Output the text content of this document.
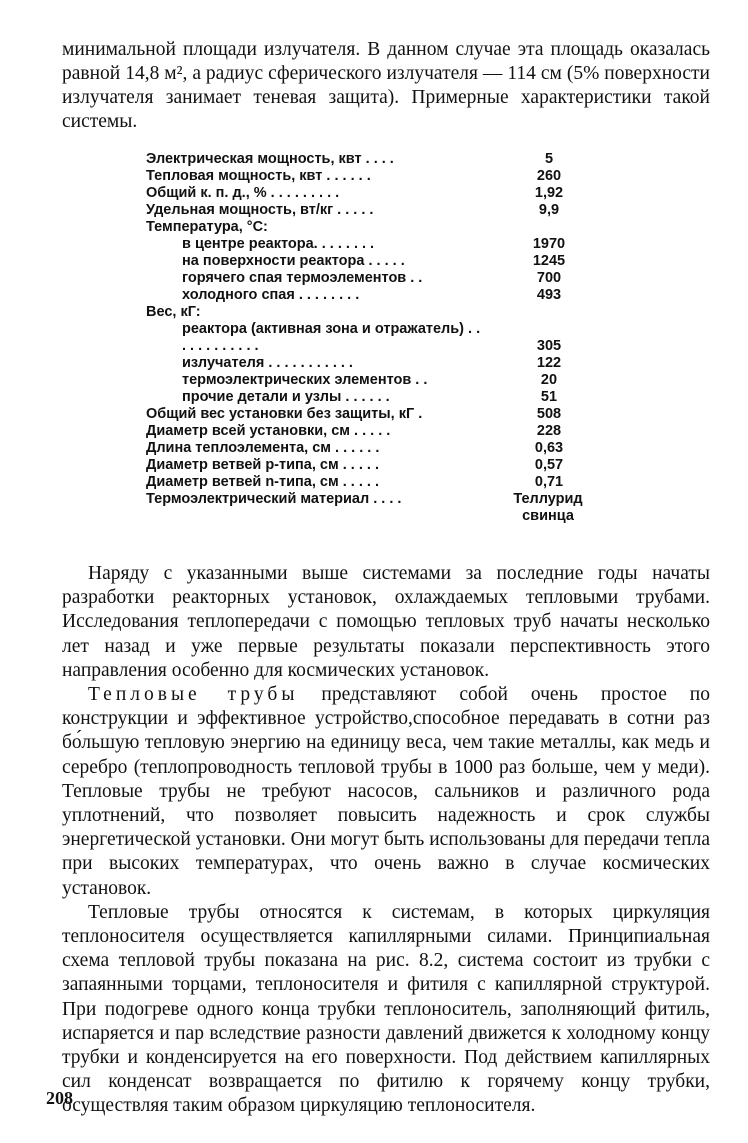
минимальной площади излучателя. В данном случае эта площадь оказалась равной 14,8 м², а радиус сферического излучателя — 114 см (5% поверхности излучателя занимает теневая защита). Примерные характеристики такой системы.

Электрическая мощность, квт . . . .	5
Тепловая мощность, квт . . . . . .	260
Общий к. п. д., % . . . . . . . . .	1,92
Удельная мощность, вт/кг . . . . .	9,9
Температура, °C:
в центре реактора. . . . . . . .	1970
на поверхности реактора . . . . .	1245
горячего спая термоэлементов . .	700
холодного спая . . . . . . . .	493
Вес, кГ:
реактора (активная зона и отражатель) . . . . . . . . . . . .	305
излучателя . . . . . . . . . . .	122
термоэлектрических элементов . .	20
прочие детали и узлы . . . . . .	51
Общий вес установки без защиты, кГ .	508
Диаметр всей установки, см . . . . .	228
Длина теплоэлемента, см . . . . . .	0,63
Диаметр ветвей p-типа, см . . . . .	0,57
Диаметр ветвей n-типа, см . . . . .	0,71
Термоэлектрический материал . . . .	Теллурид свинца

Наряду с указанными выше системами за последние годы начаты разработки реакторных установок, охлаждаемых тепловыми трубами. Исследования теплопередачи с помощью тепловых труб начаты несколько лет назад и уже первые результаты показали перспективность этого направления особенно для космических установок.

Тепловые трубы представляют собой очень простое по конструкции и эффективное устройство,способное передавать в сотни раз бо́льшую тепловую энергию на единицу веса, чем такие металлы, как медь и серебро (теплопроводность тепловой трубы в 1000 раз больше, чем у меди). Тепловые трубы не требуют насосов, сальников и различного рода уплотнений, что позволяет повысить надежность и срок службы энергетической установки. Они могут быть использованы для передачи тепла при высоких температурах, что очень важно в случае космических установок.

Тепловые трубы относятся к системам, в которых циркуляция теплоносителя осуществляется капиллярными силами. Принципиальная схема тепловой трубы показана на рис. 8.2, система состоит из трубки с запаянными торцами, теплоносителя и фитиля с капиллярной структурой. При подогреве одного конца трубки теплоноситель, заполняющий фитиль, испаряется и пар вследствие разности давлений движется к холодному концу трубки и конденсируется на его поверхности. Под действием капиллярных сил конденсат возвращается по фитилю к горячему концу трубки, осуществляя таким образом циркуляцию теплоносителя.

208
